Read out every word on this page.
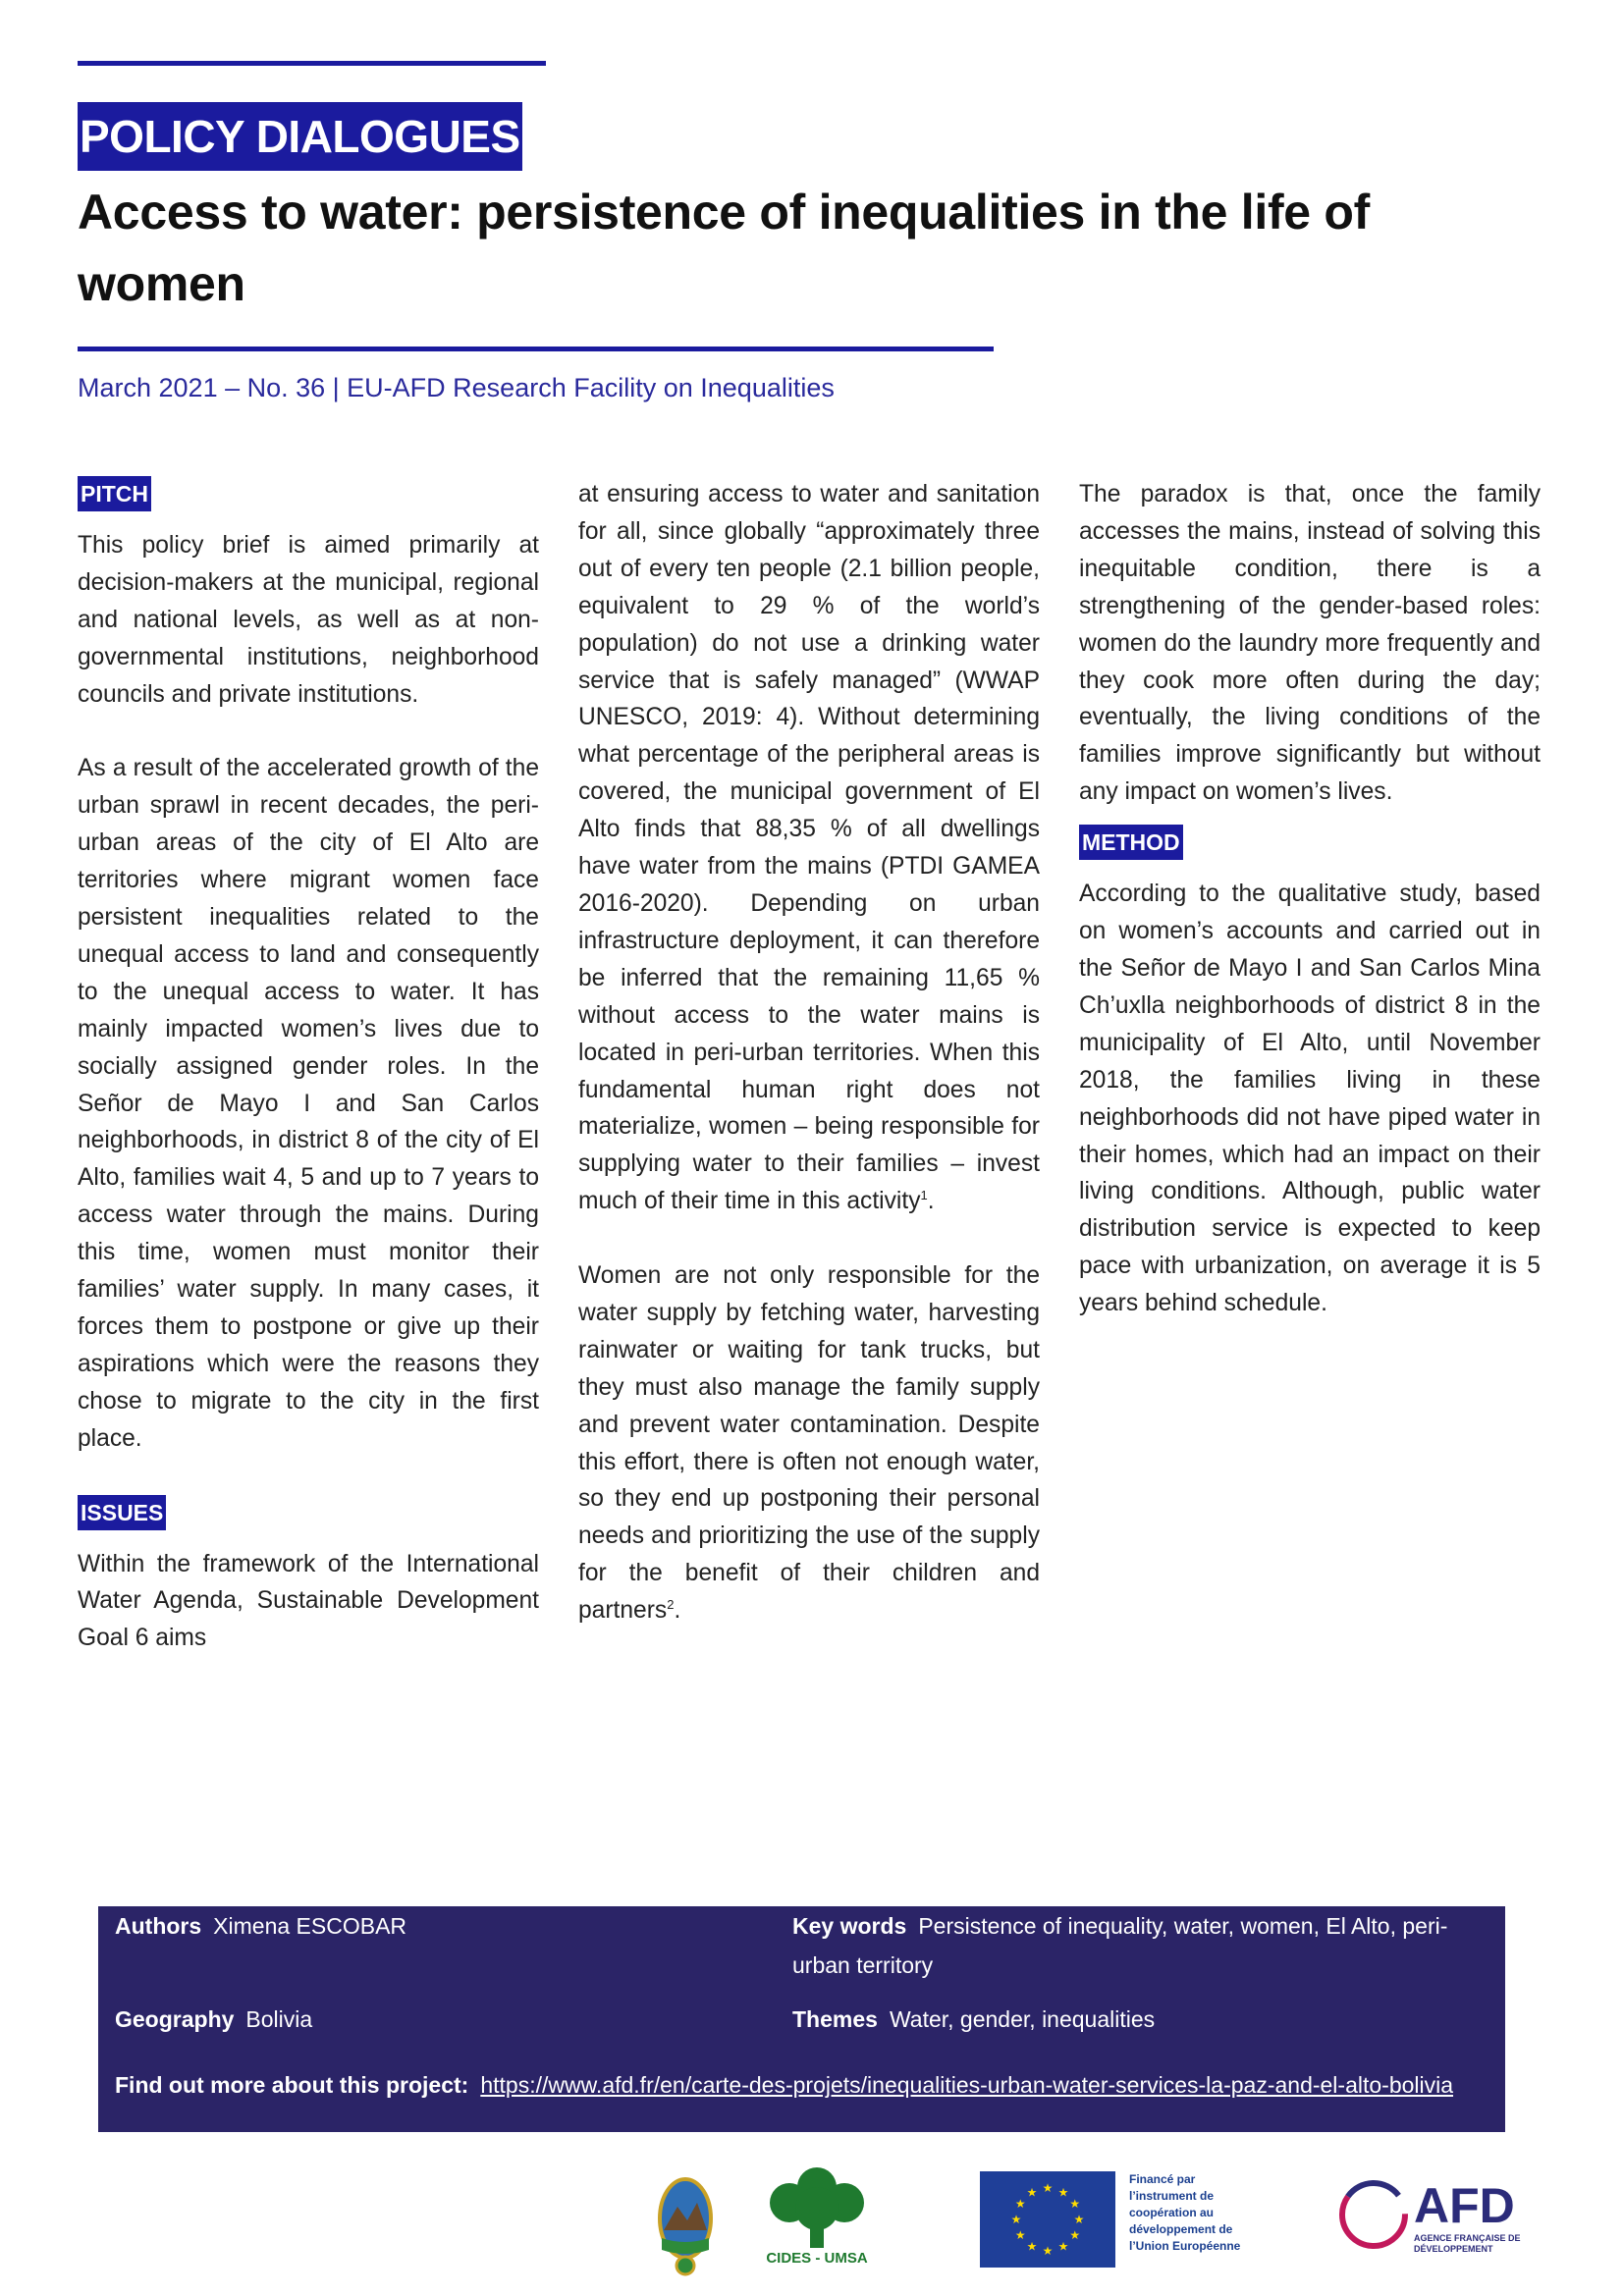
POLICY DIALOGUES
Access to water: persistence of inequalities in the life of women
March 2021 – No. 36 | EU-AFD Research Facility on Inequalities
PITCH

This policy brief is aimed primarily at decision-makers at the municipal, regional and national levels, as well as at non-governmental institutions, neighborhood councils and private institutions.

As a result of the accelerated growth of the urban sprawl in recent decades, the peri-urban areas of the city of El Alto are territories where migrant women face persistent inequalities related to the unequal access to land and consequently to the unequal access to water. It has mainly impacted women’s lives due to socially assigned gender roles. In the Señor de Mayo I and San Carlos neighborhoods, in district 8 of the city of El Alto, families wait 4, 5 and up to 7 years to access water through the mains. During this time, women must monitor their families’ water supply. In many cases, it forces them to postpone or give up their aspirations which were the reasons they chose to migrate to the city in the first place.

ISSUES

Within the framework of the International Water Agenda, Sustainable Development Goal 6 aims

at ensuring access to water and sanitation for all, since globally “approximately three out of every ten people (2.1 billion people, equivalent to 29 % of the world’s population) do not use a drinking water service that is safely managed” (WWAP UNESCO, 2019: 4). Without determining what percentage of the peripheral areas is covered, the municipal government of El Alto finds that 88,35 % of all dwellings have water from the mains (PTDI GAMEA 2016-2020). Depending on urban infrastructure deployment, it can therefore be inferred that the remaining 11,65 % without access to the water mains is located in peri-urban territories. When this fundamental human right does not materialize, women – being responsible for supplying water to their families – invest much of their time in this activity$^1$.

Women are not only responsible for the water supply by fetching water, harvesting rainwater or waiting for tank trucks, but they must also manage the family supply and prevent water contamination. Despite this effort, there is often not enough water, so they end up postponing their personal needs and prioritizing the use of the supply for the benefit of their children and partners$^2$.

The paradox is that, once the family accesses the mains, instead of solving this inequitable condition, there is a strengthening of the gender-based roles: women do the laundry more frequently and they cook more often during the day; eventually, the living conditions of the families improve significantly but without any impact on women’s lives.

METHOD

According to the qualitative study, based on women’s accounts and carried out in the Señor de Mayo I and San Carlos Mina Ch’uxlla neighborhoods of district 8 in the municipality of El Alto, until November 2018, the families living in these neighborhoods did not have piped water in their homes, which had an impact on their living conditions. Although, public water distribution service is expected to keep pace with urbanization, on average it is 5 years behind schedule.

Authors Ximena ESCOBAR	Key words Persistence of inequality, water, women, El Alto, peri-urban territory
Geography Bolivia	Themes Water, gender, inequalities
Find out more about this project: https://www.afd.fr/en/carte-des-projets/inequalities-urban-water-services-la-paz-and-el-alto-bolivia
CIDES - UMSA
★ ★
★
★
★
★
★
★
★
★
★
★
Financé par l’instrument de coopération au développement de l’Union Européenne
AFD
AGENCE FRANÇAISE DE DÉVELOPPEMENT
